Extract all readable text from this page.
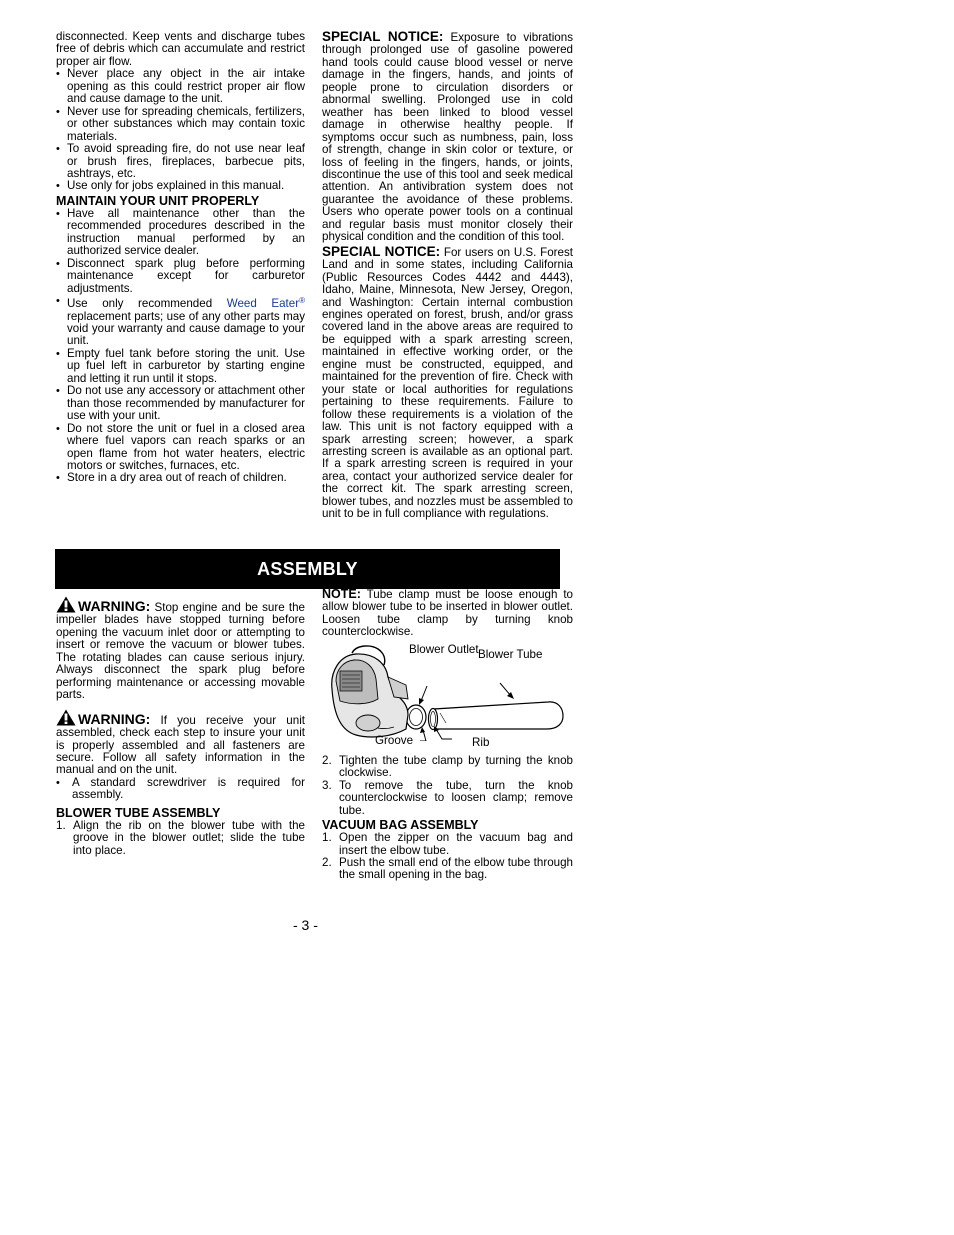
disconnected. Keep vents and discharge tubes free of debris which can accumulate and restrict proper air flow.

• Never place any object in the air intake opening as this could restrict proper air flow and cause damage to the unit.
• Never use for spreading chemicals, fertilizers, or other substances which may contain toxic materials.
• To avoid spreading fire, do not use near leaf or brush fires, fireplaces, barbecue pits, ashtrays, etc.
• Use only for jobs explained in this manual.

MAINTAIN YOUR UNIT PROPERLY

• Have all maintenance other than the recommended procedures described in the instruction manual performed by an authorized service dealer.
• Disconnect spark plug before performing maintenance except for carburetor adjustments.
• Use only recommended Weed Eater® replacement parts; use of any other parts may void your warranty and cause damage to your unit.
• Empty fuel tank before storing the unit. Use up fuel left in carburetor by starting engine and letting it run until it stops.
• Do not use any accessory or attachment other than those recommended by manufacturer for use with your unit.
• Do not store the unit or fuel in a closed area where fuel vapors can reach sparks or an open flame from hot water heaters, electric motors or switches, furnaces, etc.
• Store in a dry area out of reach of children.

SPECIAL NOTICE: Exposure to vibrations through prolonged use of gasoline powered hand tools could cause blood vessel or nerve damage in the fingers, hands, and joints of people prone to circulation disorders or abnormal swelling. Prolonged use in cold weather has been linked to blood vessel damage in otherwise healthy people. If symptoms occur such as numbness, pain, loss of strength, change in skin color or texture, or loss of feeling in the fingers, hands, or joints, discontinue the use of this tool and seek medical attention. An antivibration system does not guarantee the avoidance of these problems. Users who operate power tools on a continual and regular basis must monitor closely their physical condition and the condition of this tool.

SPECIAL NOTICE: For users on U.S. Forest Land and in some states, including California (Public Resources Codes 4442 and 4443), Idaho, Maine, Minnesota, New Jersey, Oregon, and Washington: Certain internal combustion engines operated on forest, brush, and/or grass covered land in the above areas are required to be equipped with a spark arresting screen, maintained in effective working order, or the engine must be constructed, equipped, and maintained for the prevention of fire. Check with your state or local authorities for regulations pertaining to these requirements. Failure to follow these requirements is a violation of the law. This unit is not factory equipped with a spark arresting screen; however, a spark arresting screen is available as an optional part. If a spark arresting screen is required in your area, contact your authorized service dealer for the correct kit. The spark arresting screen, blower tubes, and nozzles must be assembled to unit to be in full compliance with regulations.

ASSEMBLY

WARNING: Stop engine and be sure the impeller blades have stopped turning before opening the vacuum inlet door or attempting to insert or remove the vacuum or blower tubes. The rotating blades can cause serious injury. Always disconnect the spark plug before performing maintenance or accessing movable parts.

WARNING: If you receive your unit assembled, check each step to insure your unit is properly assembled and all fasteners are secure. Follow all safety information in the manual and on the unit.

• A standard screwdriver is required for assembly.

BLOWER TUBE ASSEMBLY

1. Align the rib on the blower tube with the groove in the blower outlet; slide the tube into place.

NOTE: Tube clamp must be loose enough to allow blower tube to be inserted in blower outlet. Loosen tube clamp by turning knob counterclockwise.

Blower Outlet Blower Tube
Groove	Rib
2. Tighten the tube clamp by turning the knob clockwise.
3. To remove the tube, turn the knob counterclockwise to loosen clamp; remove tube.

VACUUM BAG ASSEMBLY

1. Open the zipper on the vacuum bag and insert the elbow tube.
2. Push the small end of the elbow tube through the small opening in the bag.
- 3 -
